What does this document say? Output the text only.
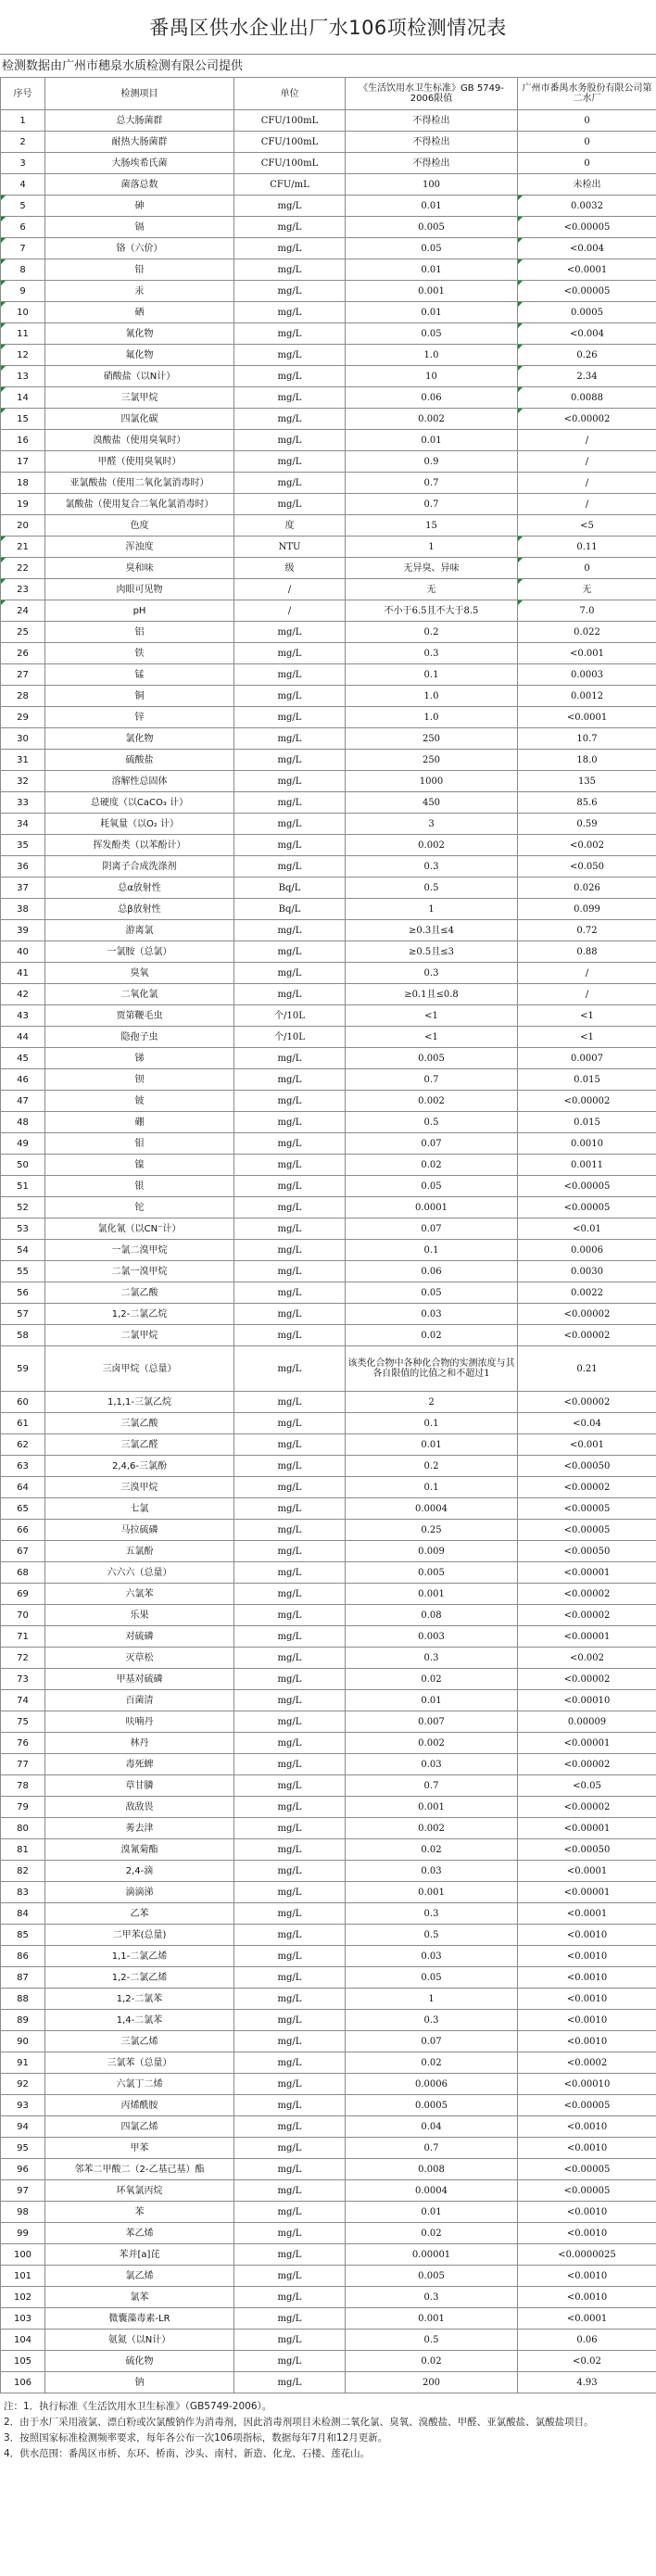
番禺区供水企业出厂水106项检测情况表
检测数据由广州市穗泉水质检测有限公司提供
序号	检测项目	单位	《生活饮用水卫生标准》GB 5749-2006限值	广州市番禺水务股份有限公司第二水厂
1	总大肠菌群	CFU/100mL	不得检出	0
2	耐热大肠菌群	CFU/100mL	不得检出	0
3	大肠埃希氏菌	CFU/100mL	不得检出	0
4	菌落总数	CFU/mL	100	未检出
5	砷	mg/L	0.01	0.0032
6	镉	mg/L	0.005	<0.00005
7	铬（六价）	mg/L	0.05	<0.004
8	铅	mg/L	0.01	<0.0001
9	汞	mg/L	0.001	<0.00005
10	硒	mg/L	0.01	0.0005
11	氰化物	mg/L	0.05	<0.004
12	氟化物	mg/L	1.0	0.26
13	硝酸盐（以N计）	mg/L	10	2.34
14	三氯甲烷	mg/L	0.06	0.0088
15	四氯化碳	mg/L	0.002	<0.00002
16	溴酸盐（使用臭氧时）	mg/L	0.01	/
17	甲醛（使用臭氧时）	mg/L	0.9	/
18	亚氯酸盐（使用二氧化氯消毒时）	mg/L	0.7	/
19	氯酸盐（使用复合二氧化氯消毒时）	mg/L	0.7	/
20	色度	度	15	<5
21	浑浊度	NTU	1	0.11
22	臭和味	级	无异臭、异味	0
23	肉眼可见物	/	无	无
24	pH	/	不小于6.5且不大于8.5	7.0
25	铝	mg/L	0.2	0.022
26	铁	mg/L	0.3	<0.001
27	锰	mg/L	0.1	0.0003
28	铜	mg/L	1.0	0.0012
29	锌	mg/L	1.0	<0.0001
30	氯化物	mg/L	250	10.7
31	硫酸盐	mg/L	250	18.0
32	溶解性总固体	mg/L	1000	135
33	总硬度（以CaCO₃ 计）	mg/L	450	85.6
34	耗氧量（以O₂ 计）	mg/L	3	0.59
35	挥发酚类（以苯酚计）	mg/L	0.002	<0.002
36	阴离子合成洗涤剂	mg/L	0.3	<0.050
37	总α放射性	Bq/L	0.5	0.026
38	总β放射性	Bq/L	1	0.099
39	游离氯	mg/L	≥0.3且≤4	0.72
40	一氯胺（总氯）	mg/L	≥0.5且≤3	0.88
41	臭氧	mg/L	0.3	/
42	二氧化氯	mg/L	≥0.1且≤0.8	/
43	贾第鞭毛虫	个/10L	<1	<1
44	隐孢子虫	个/10L	<1	<1
45	锑	mg/L	0.005	0.0007
46	钡	mg/L	0.7	0.015
47	铍	mg/L	0.002	<0.00002
48	硼	mg/L	0.5	0.015
49	钼	mg/L	0.07	0.0010
50	镍	mg/L	0.02	0.0011
51	银	mg/L	0.05	<0.00005
52	铊	mg/L	0.0001	<0.00005
53	氯化氰（以CN⁻计）	mg/L	0.07	<0.01
54	一氯二溴甲烷	mg/L	0.1	0.0006
55	二氯一溴甲烷	mg/L	0.06	0.0030
56	二氯乙酸	mg/L	0.05	0.0022
57	1,2-二氯乙烷	mg/L	0.03	<0.00002
58	二氯甲烷	mg/L	0.02	<0.00002
59	三卤甲烷（总量）	mg/L	该类化合物中各种化合物的实测浓度与其各自限值的比值之和不超过1	0.21
60	1,1,1-三氯乙烷	mg/L	2	<0.00002
61	三氯乙酸	mg/L	0.1	<0.04
62	三氯乙醛	mg/L	0.01	<0.001
63	2,4,6-三氯酚	mg/L	0.2	<0.00050
64	三溴甲烷	mg/L	0.1	<0.00002
65	七氯	mg/L	0.0004	<0.00005
66	马拉硫磷	mg/L	0.25	<0.00005
67	五氯酚	mg/L	0.009	<0.00050
68	六六六（总量）	mg/L	0.005	<0.00001
69	六氯苯	mg/L	0.001	<0.00002
70	乐果	mg/L	0.08	<0.00002
71	对硫磷	mg/L	0.003	<0.00001
72	灭草松	mg/L	0.3	<0.002
73	甲基对硫磷	mg/L	0.02	<0.00002
74	百菌清	mg/L	0.01	<0.00010
75	呋喃丹	mg/L	0.007	0.00009
76	林丹	mg/L	0.002	<0.00001
77	毒死蜱	mg/L	0.03	<0.00002
78	草甘膦	mg/L	0.7	<0.05
79	敌敌畏	mg/L	0.001	<0.00002
80	莠去津	mg/L	0.002	<0.00001
81	溴氰菊酯	mg/L	0.02	<0.00050
82	2,4-滴	mg/L	0.03	<0.0001
83	滴滴涕	mg/L	0.001	<0.00001
84	乙苯	mg/L	0.3	<0.0001
85	二甲苯(总量)	mg/L	0.5	<0.0010
86	1,1-二氯乙烯	mg/L	0.03	<0.0010
87	1,2-二氯乙烯	mg/L	0.05	<0.0010
88	1,2-二氯苯	mg/L	1	<0.0010
89	1,4-二氯苯	mg/L	0.3	<0.0010
90	三氯乙烯	mg/L	0.07	<0.0010
91	三氯苯（总量）	mg/L	0.02	<0.0002
92	六氯丁二烯	mg/L	0.0006	<0.00010
93	丙烯酰胺	mg/L	0.0005	<0.00005
94	四氯乙烯	mg/L	0.04	<0.0010
95	甲苯	mg/L	0.7	<0.0010
96	邻苯二甲酸二（2-乙基己基）酯	mg/L	0.008	<0.00005
97	环氧氯丙烷	mg/L	0.0004	<0.00005
98	苯	mg/L	0.01	<0.0010
99	苯乙烯	mg/L	0.02	<0.0010
100	苯并[a]芘	mg/L	0.00001	<0.0000025
101	氯乙烯	mg/L	0.005	<0.0010
102	氯苯	mg/L	0.3	<0.0010
103	微囊藻毒素-LR	mg/L	0.001	<0.0001
104	氨氮（以N计）	mg/L	0.5	0.06
105	硫化物	mg/L	0.02	<0.02
106	钠	mg/L	200	4.93
注：1．执行标准《生活饮用水卫生标准》（GB5749-2006）。
2．由于水厂采用液氯、漂白粉或次氯酸钠作为消毒剂，因此消毒剂项目未检测二氧化氯、臭氧、溴酸盐、甲醛、亚氯酸盐、氯酸盐项目。
3．按照国家标准检测频率要求，每年各公布一次106项指标，数据每年7月和12月更新。
4．供水范围：番禺区市桥、东环、桥南、沙头、南村、新造、化龙、石楼、莲花山。
